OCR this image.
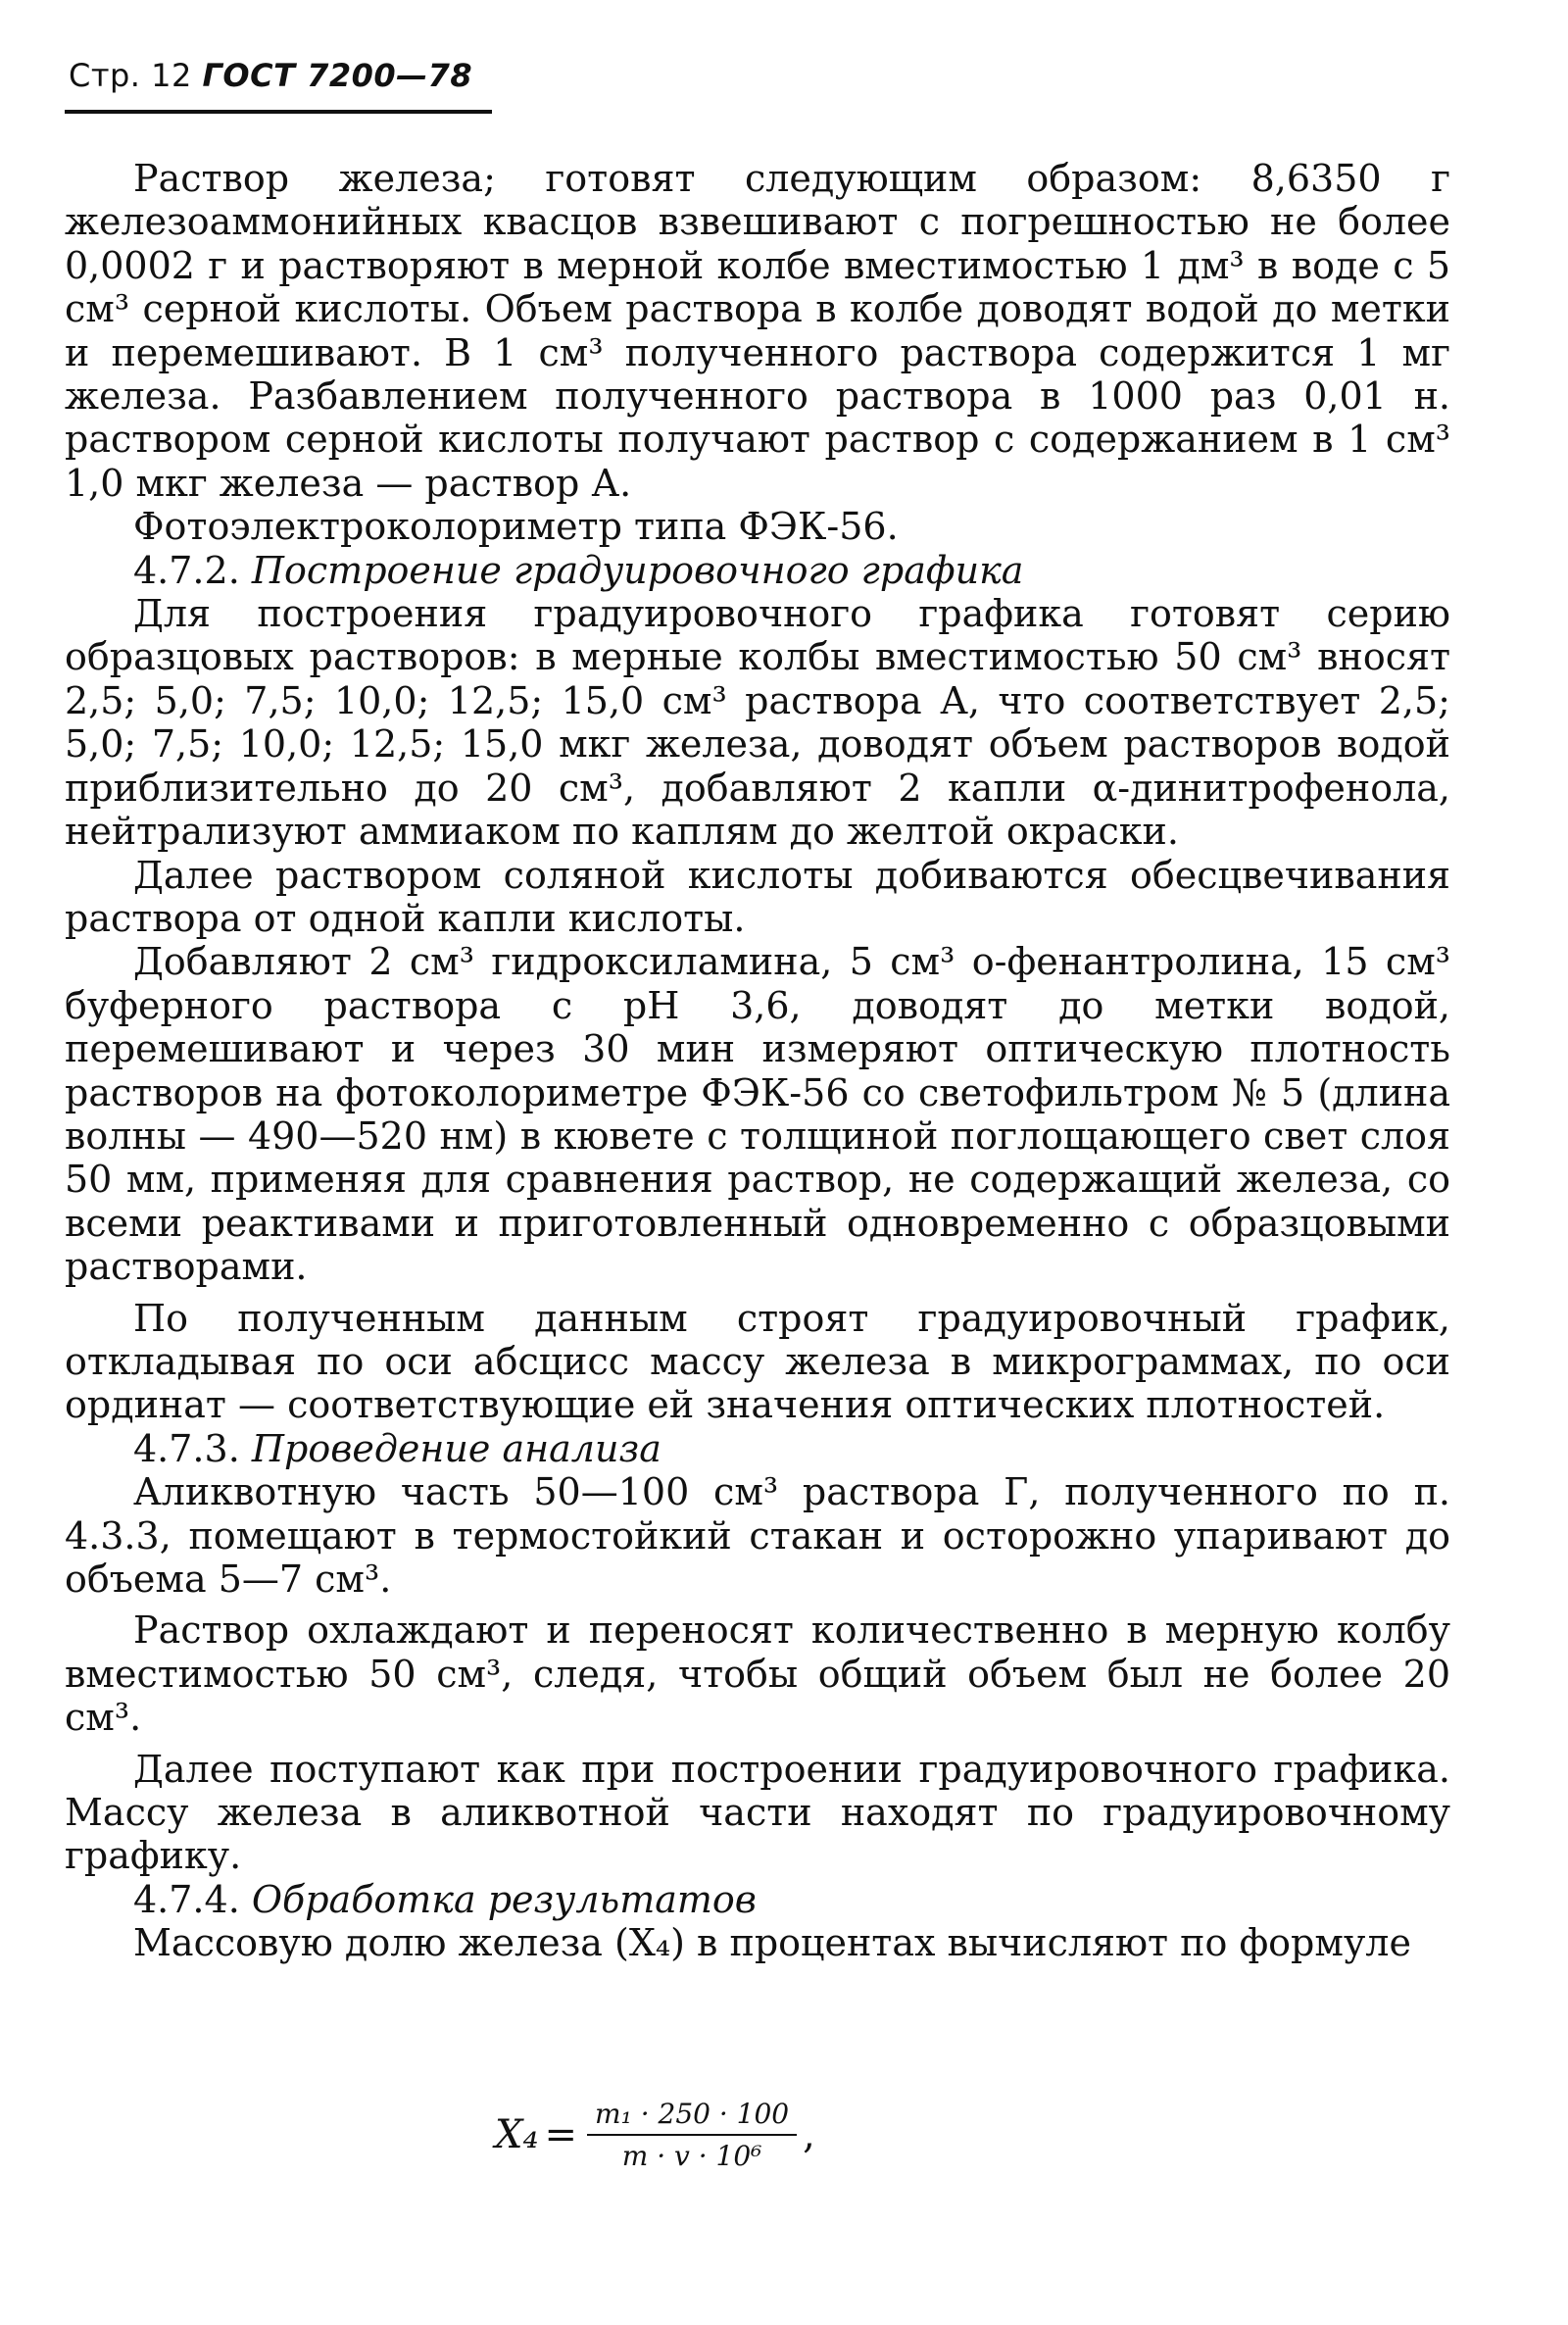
Стр. 12 ГОСТ 7200—78

Раствор железа; готовят следующим образом: 8,6350 г железоаммонийных квасцов взвешивают с погрешностью не более 0,0002 г и растворяют в мерной колбе вместимостью 1 дм³ в воде с 5 см³ серной кислоты. Объем раствора в колбе доводят водой до метки и перемешивают. В 1 см³ полученного раствора содержится 1 мг железа. Разбавлением полученного раствора в 1000 раз 0,01 н. раствором серной кислоты получают раствор с содержанием в 1 см³ 1,0 мкг железа — раствор А.

Фотоэлектроколориметр типа ФЭК-56.

4.7.2. Построение градуировочного графика

Для построения градуировочного графика готовят серию образцовых растворов: в мерные колбы вместимостью 50 см³ вносят 2,5; 5,0; 7,5; 10,0; 12,5; 15,0 см³ раствора А, что соответствует 2,5; 5,0; 7,5; 10,0; 12,5; 15,0 мкг железа, доводят объем растворов водой приблизительно до 20 см³, добавляют 2 капли α-динитрофенола, нейтрализуют аммиаком по каплям до желтой окраски.

Далее раствором соляной кислоты добиваются обесцвечивания раствора от одной капли кислоты.

Добавляют 2 см³ гидроксиламина, 5 см³ о-фенантролина, 15 см³ буферного раствора с рН 3,6, доводят до метки водой, перемешивают и через 30 мин измеряют оптическую плотность растворов на фотоколориметре ФЭК-56 со светофильтром № 5 (длина волны — 490—520 нм) в кювете с толщиной поглощающего свет слоя 50 мм, применяя для сравнения раствор, не содержащий железа, со всеми реактивами и приготовленный одновременно с образцовыми растворами.

По полученным данным строят градуировочный график, откладывая по оси абсцисс массу железа в микрограммах, по оси ординат — соответствующие ей значения оптических плотностей.

4.7.3. Проведение анализа

Аликвотную часть 50—100 см³ раствора Г, полученного по п. 4.3.3, помещают в термостойкий стакан и осторожно упаривают до объема 5—7 см³.

Раствор охлаждают и переносят количественно в мерную колбу вместимостью 50 см³, следя, чтобы общий объем был не более 20 см³.

Далее поступают как при построении градуировочного графика. Массу железа в аликвотной части находят по градуировочному графику.

4.7.4. Обработка результатов

Массовую долю железа (X₄) в процентах вычисляют по формуле

$X_4 = \frac{\text{m₁ · 250 · 100}}{\text{m · v · 10⁶}}$ ,
